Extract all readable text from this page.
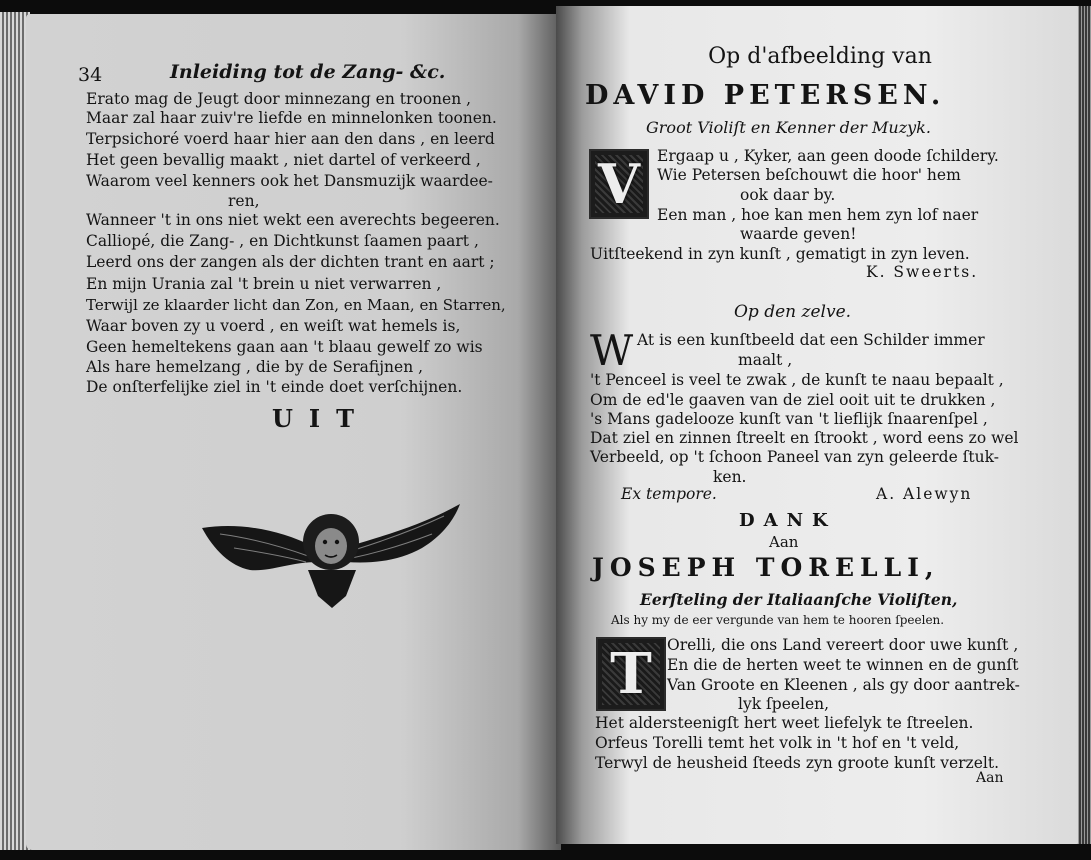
34	Inleiding tot de Zang- &c.
Erato mag de Jeugt door minnezang en troonen ,
Maar zal haar zuiv're liefde en minnelonken toonen.
Terpsichoré voerd haar hier aan den dans , en leerd
Het geen bevallig maakt , niet dartel of verkeerd ,
Waarom veel kenners ook het Dansmuzijk waardee-
ren,
Wanneer 't in ons niet wekt een averechts begeeren.
Calliopé, die Zang- , en Dichtkunst ſaamen paart ,
Leerd ons der zangen als der dichten trant en aart ;
En mijn Urania zal 't brein u niet verwarren ,
Terwijl ze klaarder licht dan Zon, en Maan, en Starren,
Waar boven zy u voerd , en weiſt wat hemels is,
Geen hemeltekens gaan aan 't blaau gewelf zo wis
Als hare hemelzang , die by de Serafijnen ,
De onſterfelijke ziel in 't einde doet verſchijnen.
UIT
Op d'afbeelding van
DAVID PETERSEN.
Groot Violiſt en Kenner der Muzyk.
V Ergaap u , Kyker, aan geen doode ſchildery.
Wie Petersen beſchouwt die hoor' hem
ook daar by.
Een man , hoe kan men hem zyn lof naer
waarde geven!
Uitſteekend in zyn kunſt , gematigt in zyn leven.
K. Sweerts.
Op den zelve.
W At is een kunſtbeeld dat een Schilder immer
maalt ,
't Penceel is veel te zwak , de kunſt te naau bepaalt ,
Om de ed'le gaaven van de ziel ooit uit te drukken ,
's Mans gadelooze kunſt van 't lieflijk ſnaarenſpel ,
Dat ziel en zinnen ſtreelt en ſtrookt , word eens zo wel
Verbeeld, op 't ſchoon Paneel van zyn geleerde ſtuk-
ken.
Ex tempore.	A. Alewyn
DANK
Aan
JOSEPH TORELLI,
Eerſteling der Italiaanſche Violiſten,
Als hy my de eer vergunde van hem te hooren ſpeelen.
T Orelli, die ons Land vereert door uwe kunſt ,
En die de herten weet te winnen en de gunſt
Van Groote en Kleenen , als gy door aantrek-
lyk ſpeelen,
Het aldersteenigſt hert weet liefelyk te ſtreelen.
Orfeus Torelli temt het volk in 't hof en 't veld,
Terwyl de heusheid ſteeds zyn groote kunſt verzelt.
Aan
